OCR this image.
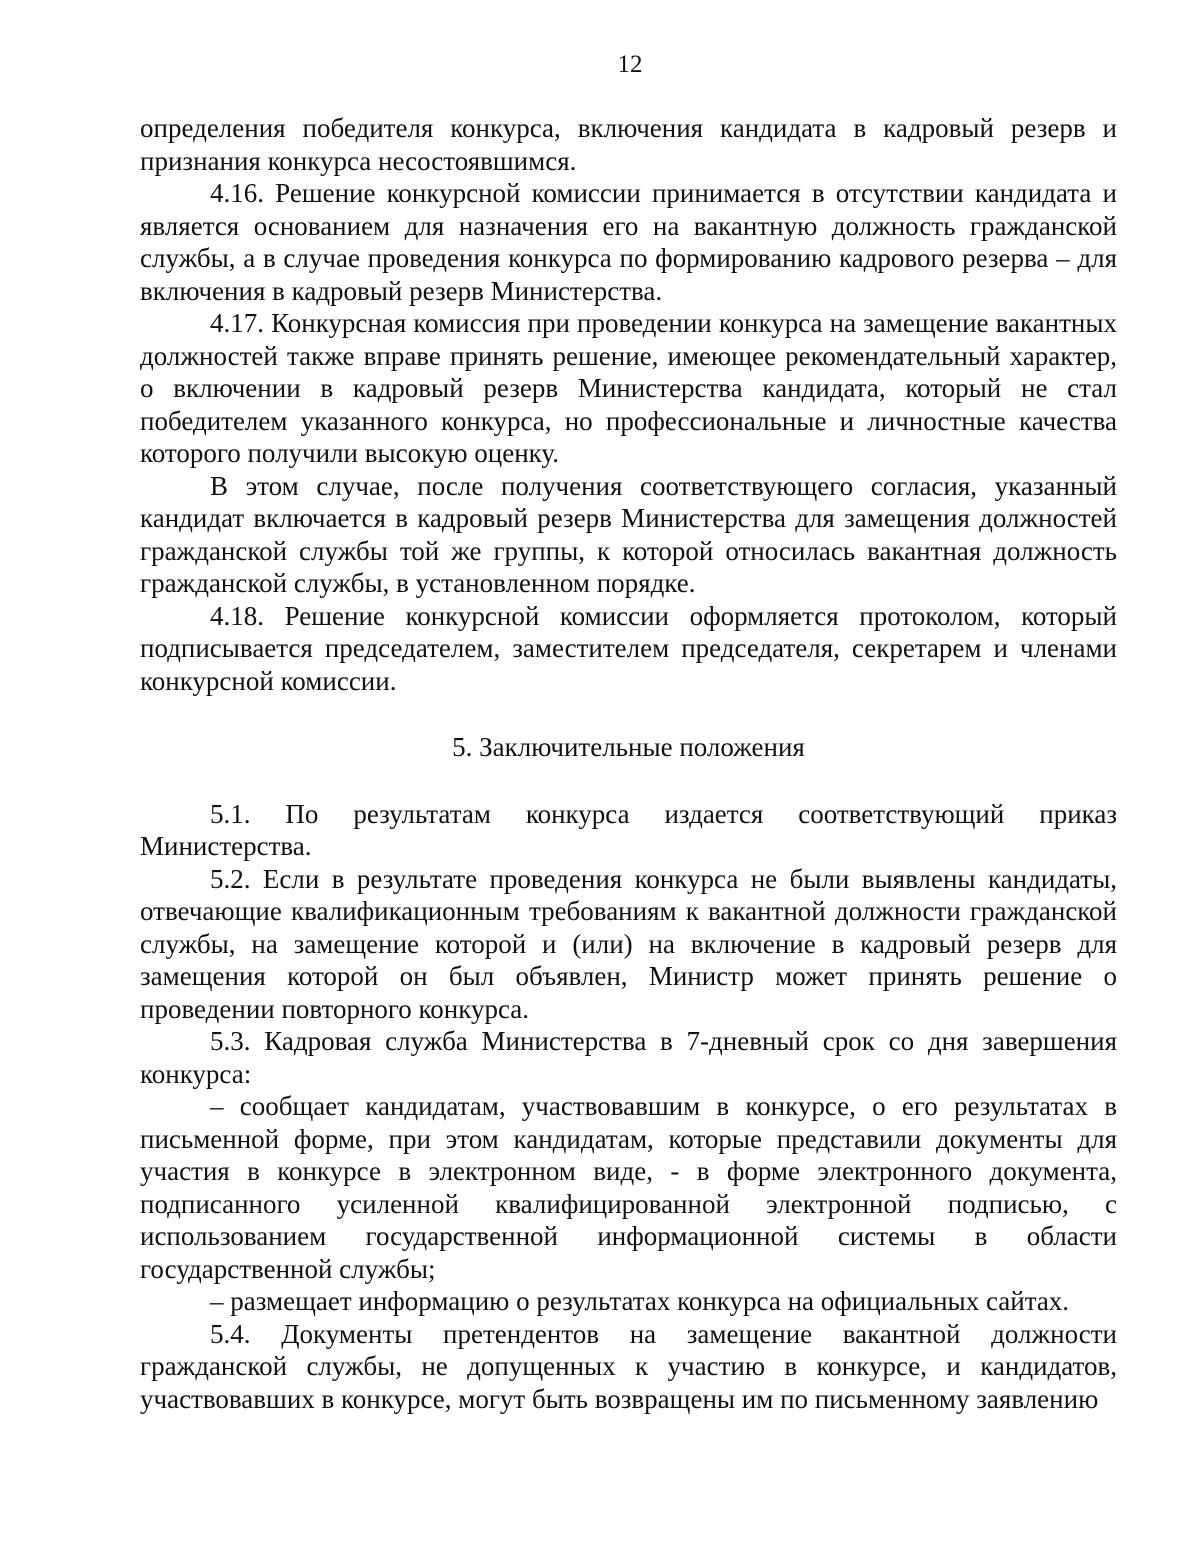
12

определения победителя конкурса, включения кандидата в кадровый резерв и признания конкурса несостоявшимся.

4.16. Решение конкурсной комиссии принимается в отсутствии кандидата и является основанием для назначения его на вакантную должность гражданской службы, а в случае проведения конкурса по формированию кадрового резерва – для включения в кадровый резерв Министерства.

4.17. Конкурсная комиссия при проведении конкурса на замещение вакантных должностей также вправе принять решение, имеющее рекомендательный характер, о включении в кадровый резерв Министерства кандидата, который не стал победителем указанного конкурса, но профессиональные и личностные качества которого получили высокую оценку.

В этом случае, после получения соответствующего согласия, указанный кандидат включается в кадровый резерв Министерства для замещения должностей гражданской службы той же группы, к которой относилась вакантная должность гражданской службы, в установленном порядке.

4.18. Решение конкурсной комиссии оформляется протоколом, который подписывается председателем, заместителем председателя, секретарем и членами конкурсной комиссии.

5. Заключительные положения

5.1. По результатам конкурса издается соответствующий приказ Министерства.

5.2. Если в результате проведения конкурса не были выявлены кандидаты, отвечающие квалификационным требованиям к вакантной должности гражданской службы, на замещение которой и (или) на включение в кадровый резерв для замещения которой он был объявлен, Министр может принять решение о проведении повторного конкурса.

5.3. Кадровая служба Министерства в 7-дневный срок со дня завершения конкурса:

– сообщает кандидатам, участвовавшим в конкурсе, о его результатах в письменной форме, при этом кандидатам, которые представили документы для участия в конкурсе в электронном виде, - в форме электронного документа, подписанного усиленной квалифицированной электронной подписью, с использованием государственной информационной системы в области государственной службы;

– размещает информацию о результатах конкурса на официальных сайтах.

5.4. Документы претендентов на замещение вакантной должности гражданской службы, не допущенных к участию в конкурсе, и кандидатов, участвовавших в конкурсе, могут быть возвращены им по письменному заявлению
